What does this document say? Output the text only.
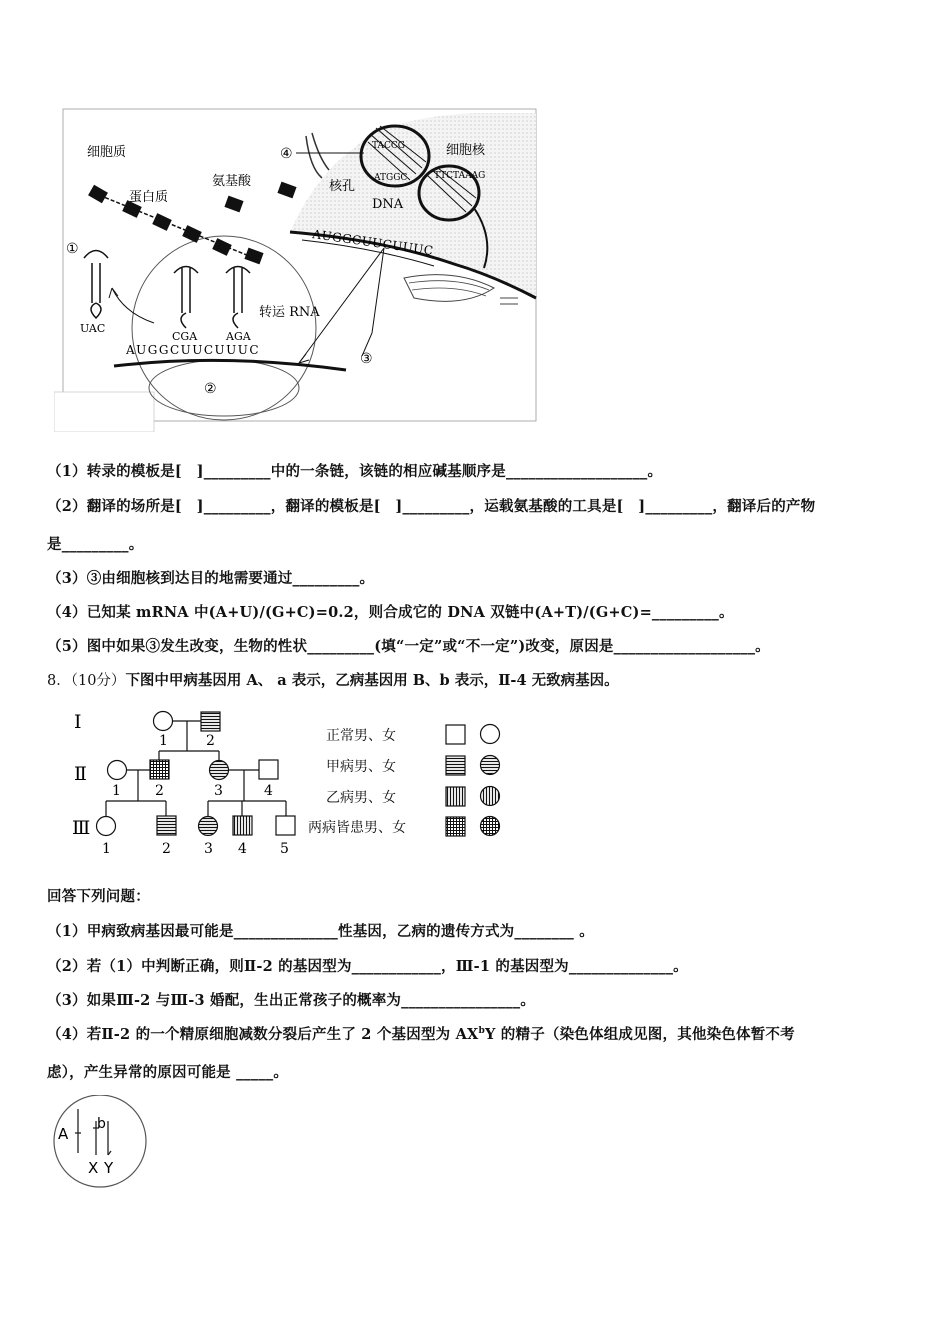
TACCG
ATGGC	TTCTAAAG
AUGGCUUCUUUC
AUGGCUUCUUUC
UAC
CGA	AGA
细胞质
蛋白质
氨基酸
细胞核
核孔
DNA
转运 RNA
①
②
③
④
（1）转录的模板是[　]_________中的一条链，该链的相应碱基顺序是___________________。
（2）翻译的场所是[　]_________，翻译的模板是[　]_________，运载氨基酸的工具是[　]_________，翻译后的产物
是_________。
（3）③由细胞核到达目的地需要通过_________。
（4）已知某 mRNA 中(A+U)/(G+C)=0.2，则合成它的 DNA 双链中(A+T)/(G+C)=_________。
（5）图中如果③发生改变，生物的性状_________(填“一定”或“不一定”)改变，原因是___________________。
8．（10分）下图中甲病基因用 A、 a 表示，乙病基因用 B、b 表示，Ⅱ-4 无致病基因。
Ⅰ
Ⅱ
Ⅲ
1	2
1 2	3	4
1	2 3 4 5
正常男、女
甲病男、女
乙病男、女
两病皆患男、女
回答下列问题：
（1）甲病致病基因最可能是______________性基因，乙病的遗传方式为________ 。
（2）若（1）中判断正确，则Ⅱ-2 的基因型为____________，Ⅲ-1 的基因型为______________。
（3）如果Ⅲ-2 与Ⅲ-3 婚配，生出正常孩子的概率为________________。
（4）若Ⅱ-2 的一个精原细胞减数分裂后产生了 2 个基因型为 $AX^bY$ 的精子（染色体组成见图，其他染色体暂不考
虑），产生异常的原因可能是 _____。
A
b
X Y
